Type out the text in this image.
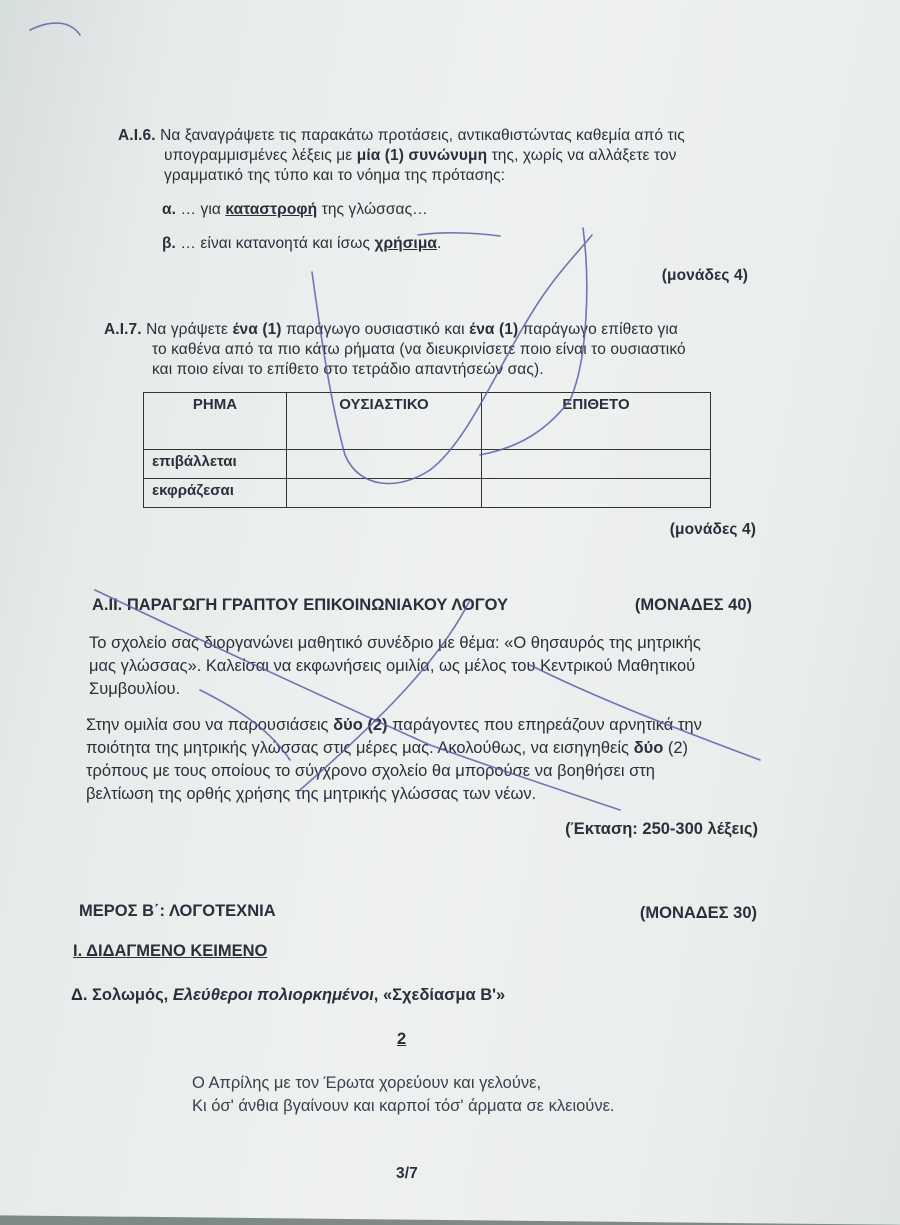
Α.Ι.6. Να ξαναγράψετε τις παρακάτω προτάσεις, αντικαθιστώντας καθεμία από τις
υπογραμμισμένες λέξεις με μία (1) συνώνυμη της, χωρίς να αλλάξετε τον
γραμματικό της τύπο και το νόημα της πρότασης:
α. … για καταστροφή της γλώσσας…
β. … είναι κατανοητά και ίσως χρήσιμα.
(μονάδες 4)
Α.Ι.7. Να γράψετε ένα (1) παράγωγο ουσιαστικό και ένα (1) παράγωγο επίθετο για
το καθένα από τα πιο κάτω ρήματα (να διευκρινίσετε ποιο είναι το ουσιαστικό
και ποιο είναι το επίθετο στο τετράδιο απαντήσεών σας).
ΡΗΜΑ	ΟΥΣΙΑΣΤΙΚΟ	ΕΠΙΘΕΤΟ
επιβάλλεται		
εκφράζεσαι		
(μονάδες 4)
Α.ΙΙ. ΠΑΡΑΓΩΓΗ ΓΡΑΠΤΟΥ ΕΠΙΚΟΙΝΩΝΙΑΚΟΥ ΛΟΓΟΥ	(ΜΟΝΑΔΕΣ 40)
Το σχολείο σας διοργανώνει μαθητικό συνέδριο με θέμα: «Ο θησαυρός της μητρικής
μας γλώσσας». Καλείσαι να εκφωνήσεις ομιλία, ως μέλος του Κεντρικού Μαθητικού
Συμβουλίου.
Στην ομιλία σου να παρουσιάσεις δύο (2) παράγοντες που επηρεάζουν αρνητικά την
ποιότητα της μητρικής γλώσσας στις μέρες μας. Ακολούθως, να εισηγηθείς δύο (2)
τρόπους με τους οποίους το σύγχρονο σχολείο θα μπορούσε να βοηθήσει στη
βελτίωση της ορθής χρήσης της μητρικής γλώσσας των νέων.
(Έκταση: 250-300 λέξεις)
ΜΕΡΟΣ Β΄: ΛΟΓΟΤΕΧΝΙΑ	(ΜΟΝΑΔΕΣ 30)
Ι. ΔΙΔΑΓΜΕΝΟ ΚΕΙΜΕΝΟ
Δ. Σολωμός, Ελεύθεροι πολιορκημένοι, «Σχεδίασμα Β'»
2
Ο Απρίλης με τον Έρωτα χορεύουν και γελούνε,
Κι όσ' άνθια βγαίνουν και καρποί τόσ' άρματα σε κλειούνε.
3/7
